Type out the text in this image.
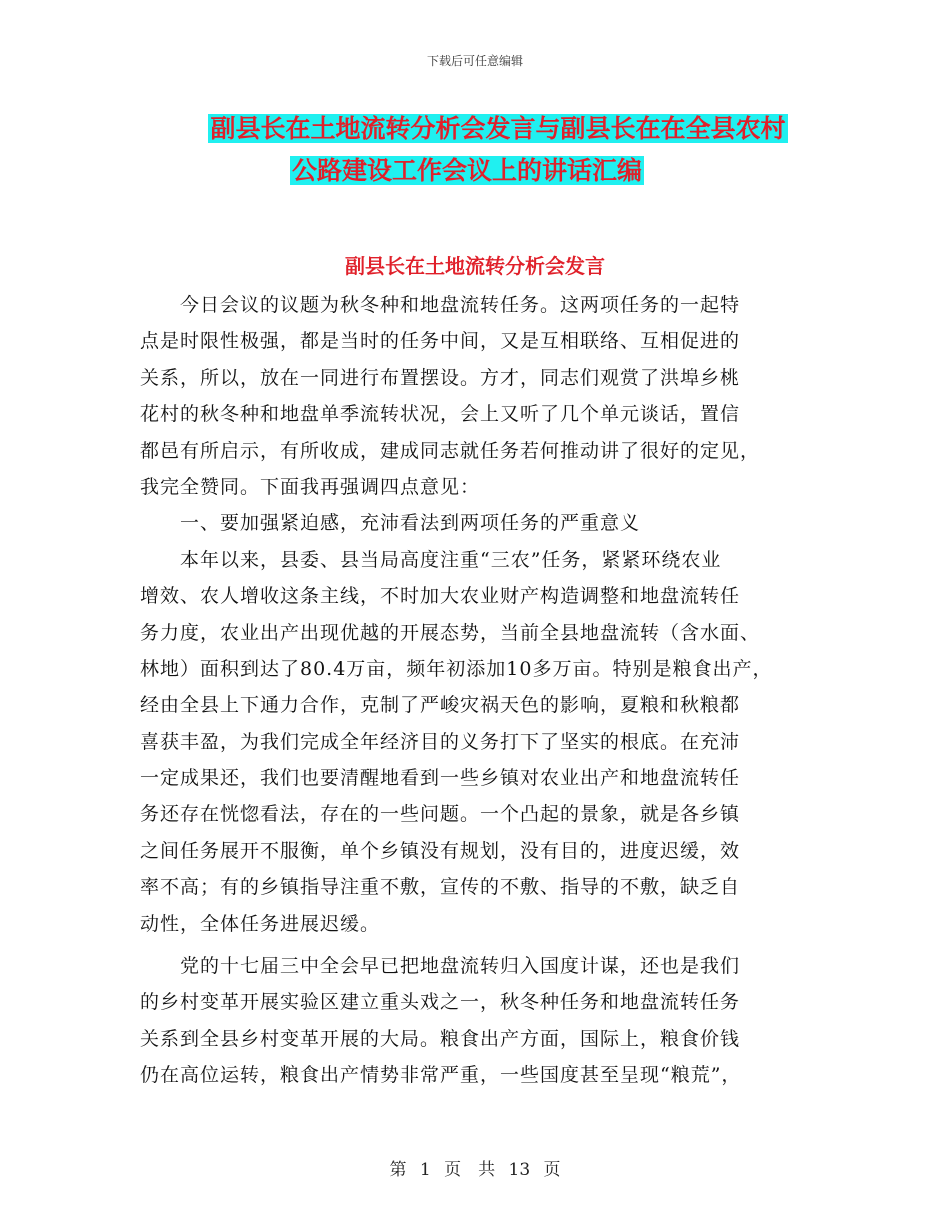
下载后可任意编辑
副县长在土地流转分析会发言与副县长在在全县农村
公路建设工作会议上的讲话汇编
副县长在土地流转分析会发言
　　今日会议的议题为秋冬种和地盘流转任务。这两项任务的一起特
点是时限性极强，都是当时的任务中间，又是互相联络、互相促进的
关系，所以，放在一同进行布置摆设。方才，同志们观赏了洪埠乡桃
花村的秋冬种和地盘单季流转状况，会上又听了几个单元谈话，置信
都邑有所启示，有所收成，建成同志就任务若何推动讲了很好的定见，
我完全赞同。下面我再强调四点意见：
　　一、要加强紧迫感，充沛看法到两项任务的严重意义
　　本年以来，县委、县当局高度注重“三农”任务，紧紧环绕农业
增效、农人增收这条主线，不时加大农业财产构造调整和地盘流转任
务力度，农业出产出现优越的开展态势，当前全县地盘流转（含水面、
林地）面积到达了80.4万亩，频年初添加10多万亩。特别是粮食出产，
经由全县上下通力合作，克制了严峻灾祸天色的影响，夏粮和秋粮都
喜获丰盈，为我们完成全年经济目的义务打下了坚实的根底。在充沛
一定成果还，我们也要清醒地看到一些乡镇对农业出产和地盘流转任
务还存在恍惚看法，存在的一些问题。一个凸起的景象，就是各乡镇
之间任务展开不服衡，单个乡镇没有规划，没有目的，进度迟缓，效
率不高；有的乡镇指导注重不敷，宣传的不敷、指导的不敷，缺乏自
动性，全体任务进展迟缓。
　　党的十七届三中全会早已把地盘流转归入国度计谋，还也是我们
的乡村变革开展实验区建立重头戏之一，秋冬种任务和地盘流转任务
关系到全县乡村变革开展的大局。粮食出产方面，国际上，粮食价钱
仍在高位运转，粮食出产情势非常严重，一些国度甚至呈现“粮荒”，
第 1 页　共 13 页
